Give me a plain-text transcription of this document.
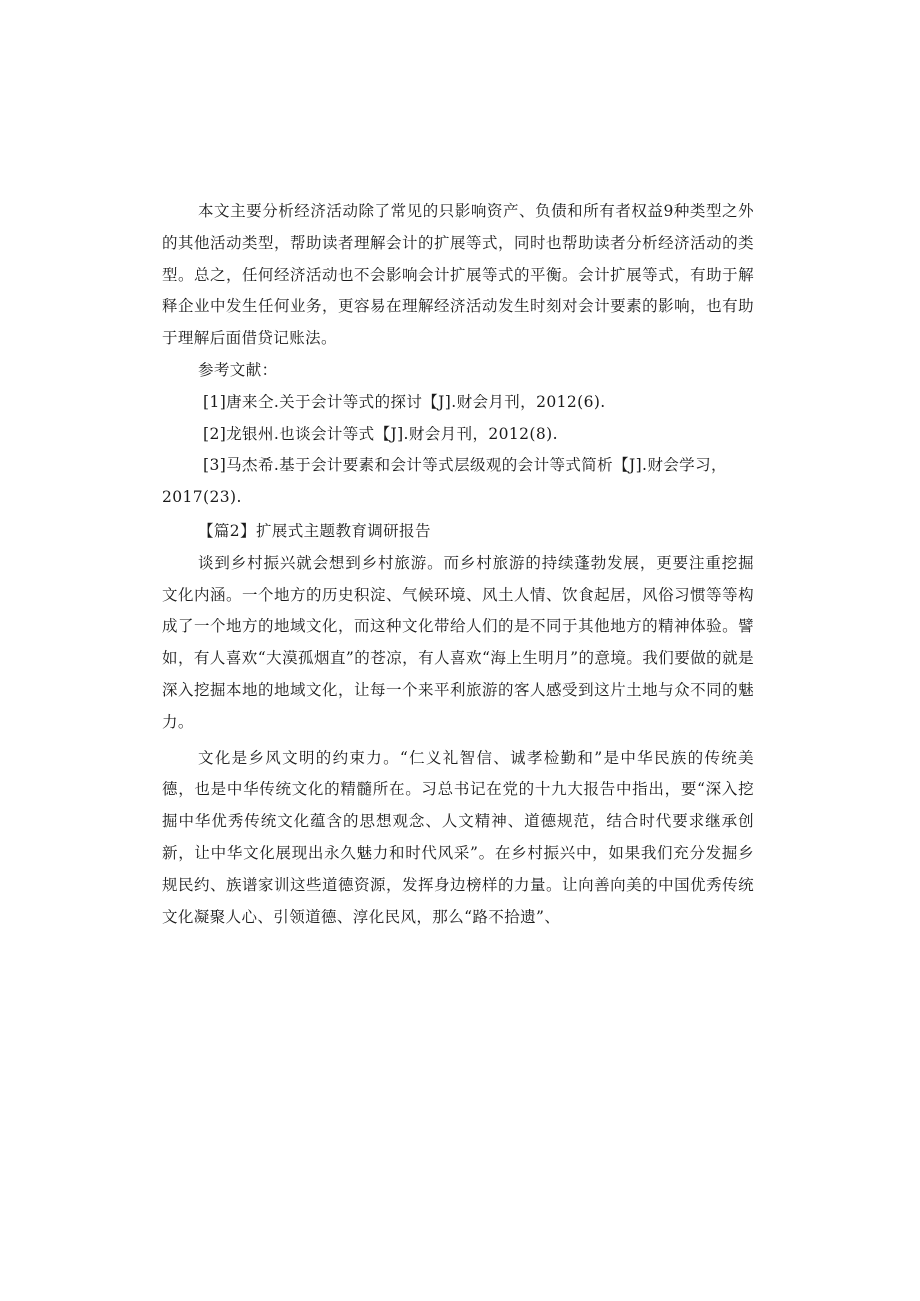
本文主要分析经济活动除了常见的只影响资产、负债和所有者权益9种类型之外的其他活动类型，帮助读者理解会计的扩展等式，同时也帮助读者分析经济活动的类型。总之，任何经济活动也不会影响会计扩展等式的平衡。会计扩展等式，有助于解释企业中发生任何业务，更容易在理解经济活动发生时刻对会计要素的影响，也有助于理解后面借贷记账法。

参考文献：

[1]唐来仝.关于会计等式的探讨【J].财会月刊，2012(6).

[2]龙银州.也谈会计等式【J].财会月刊，2012(8).

[3]马杰希.基于会计要素和会计等式层级观的会计等式简析【J].财会学习，

2017(23).

【篇2】扩展式主题教育调研报告

谈到乡村振兴就会想到乡村旅游。而乡村旅游的持续蓬勃发展，更要注重挖掘文化内涵。一个地方的历史积淀、气候环境、风土人情、饮食起居，风俗习惯等等构成了一个地方的地域文化，而这种文化带给人们的是不同于其他地方的精神体验。譬如，有人喜欢“大漠孤烟直”的苍凉，有人喜欢“海上生明月”的意境。我们要做的就是深入挖掘本地的地域文化，让每一个来平利旅游的客人感受到这片土地与众不同的魅力。

文化是乡风文明的约束力。“仁义礼智信、诚孝检勤和”是中华民族的传统美德，也是中华传统文化的精髓所在。习总书记在党的十九大报告中指出，要“深入挖掘中华优秀传统文化蕴含的思想观念、人文精神、道德规范，结合时代要求继承创新，让中华文化展现出永久魅力和时代风采”。在乡村振兴中，如果我们充分发掘乡规民约、族谱家训这些道德资源，发挥身边榜样的力量。让向善向美的中国优秀传统文化凝聚人心、引领道德、淳化民风，那么“路不拾遗”、
